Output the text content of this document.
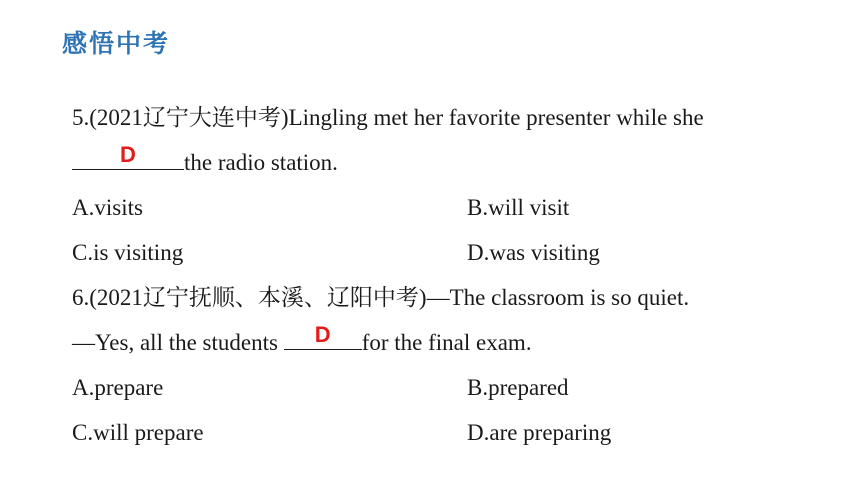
感悟中考
5.(2021辽宁大连中考)Lingling met her favorite presenter while she
D	the radio station.
A.visits	B.will visit
C.is visiting	D.was visiting
6.(2021辽宁抚顺、本溪、辽阳中考)—The classroom is so quiet.
—Yes, all the students	D	for the final exam.
A.prepare	B.prepared
C.will prepare	D.are preparing
